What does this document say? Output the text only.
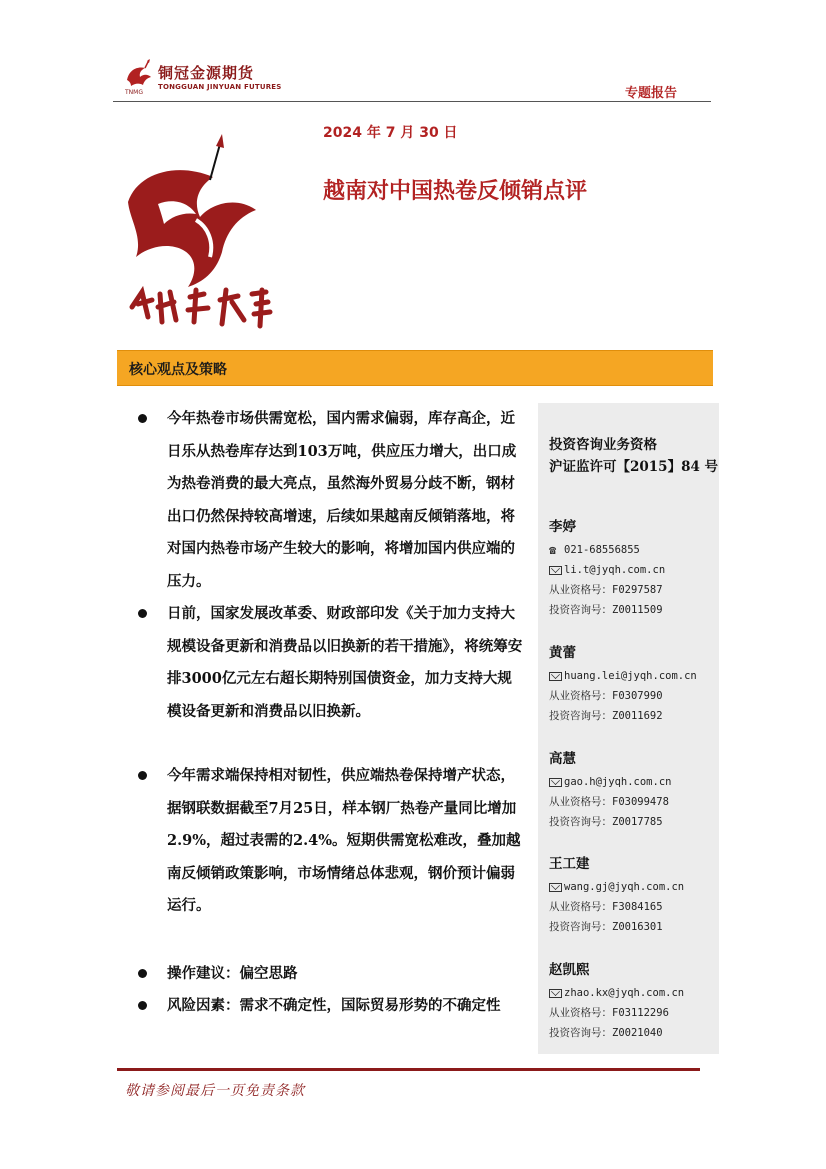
铜冠金源期货
TONGGUAN JINYUAN FUTURES
TNMG	专题报告
2024 年 7 月 30 日
越南对中国热卷反倾销点评
核心观点及策略
今年热卷市场供需宽松，国内需求偏弱，库存高企，近日乐从热卷库存达到103万吨，供应压力增大，出口成为热卷消费的最大亮点，虽然海外贸易分歧不断，钢材出口仍然保持较高增速，后续如果越南反倾销落地，将对国内热卷市场产生较大的影响，将增加国内供应端的压力。
日前，国家发展改革委、财政部印发《关于加力支持大规模设备更新和消费品以旧换新的若干措施》，将统筹安排3000亿元左右超长期特别国债资金，加力支持大规模设备更新和消费品以旧换新。
今年需求端保持相对韧性，供应端热卷保持增产状态，据钢联数据截至7月25日，样本钢厂热卷产量同比增加2.9%，超过表需的2.4%。短期供需宽松难改，叠加越南反倾销政策影响，市场情绪总体悲观，钢价预计偏弱运行。
操作建议：偏空思路
风险因素：需求不确定性，国际贸易形势的不确定性
投资咨询业务资格
沪证监许可【2015】84 号
李婷
☎ 021-68556855
li.t@jyqh.com.cn
从业资格号：F0297587
投资咨询号：Z0011509
黄蕾
huang.lei@jyqh.com.cn
从业资格号：F0307990
投资咨询号：Z0011692
高慧
gao.h@jyqh.com.cn
从业资格号：F03099478
投资咨询号：Z0017785
王工建
wang.gj@jyqh.com.cn
从业资格号：F3084165
投资咨询号：Z0016301
赵凯熙
zhao.kx@jyqh.com.cn
从业资格号：F03112296
投资咨询号：Z0021040
敬请参阅最后一页免责条款
